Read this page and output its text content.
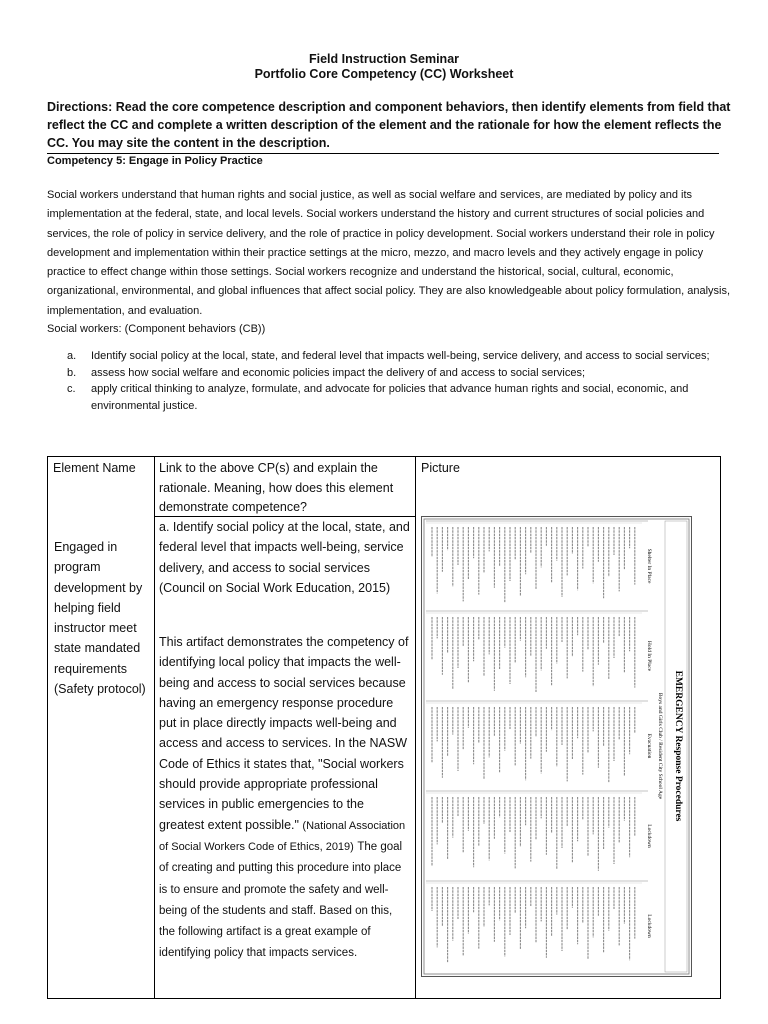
Field Instruction Seminar
Portfolio Core Competency (CC) Worksheet
Directions: Read the core competence description and component behaviors, then identify elements from field that reflect the CC and complete a written description of the element and the rationale for how the element reflects the CC. You may site the content in the description.
Competency 5: Engage in Policy Practice
Social workers understand that human rights and social justice, as well as social welfare and services, are mediated by policy and its implementation at the federal, state, and local levels. Social workers understand the history and current structures of social policies and services, the role of policy in service delivery, and the role of practice in policy development. Social workers understand their role in policy development and implementation within their practice settings at the micro, mezzo, and macro levels and they actively engage in policy practice to effect change within those settings. Social workers recognize and understand the historical, social, cultural, economic, organizational, environmental, and global influences that affect social policy. They are also knowledgeable about policy formulation, analysis, implementation, and evaluation.
Social workers: (Component behaviors (CB))
a. Identify social policy at the local, state, and federal level that impacts well-being, service delivery, and access to social services;
b. assess how social welfare and economic policies impact the delivery of and access to social services;
c. apply critical thinking to analyze, formulate, and advocate for policies that advance human rights and social, economic, and environmental justice.
Element Name	Link to the above CP(s) and explain the rationale. Meaning, how does this element demonstrate competence?
Picture
Engaged in program development by helping field instructor meet state mandated requirements (Safety protocol)
a. Identify social policy at the local, state, and federal level that impacts well-being, service delivery, and access to social services (Council on Social Work Education, 2015)
This artifact demonstrates the competency of identifying local policy that impacts the well-being and access to social services because having an emergency response procedure put in place directly impacts well-being and access and access to services. In the NASW Code of Ethics it states that, "Social workers should provide appropriate professional services in public emergencies to the greatest extent possible." (National Association of Social Workers Code of Ethics, 2019) The goal of creating and putting this procedure into place is to ensure and promote the safety and well-being of the students and staff. Based on this, the following artifact is a great example of identifying policy that impacts services.
EMERGENCY Response Procedures
Boys and Girls Club / Resident City School Age
Shelter In Place
Hold In Place
Evacuation
Lockdown
Lockdown
